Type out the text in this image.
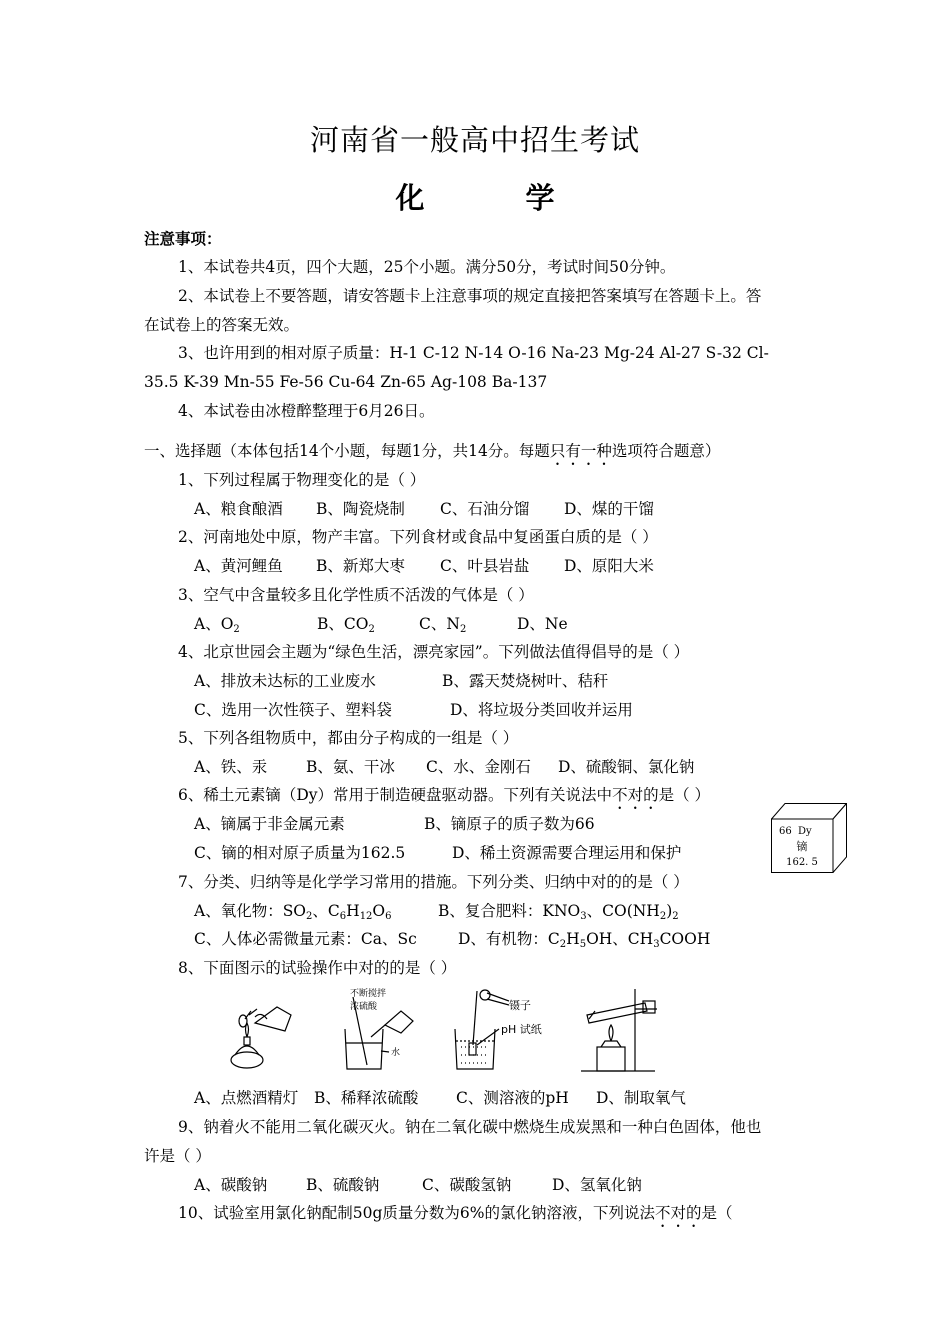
河南省一般高中招生考试
化　学
注意事项：
1、本试卷共4页，四个大题，25个小题。满分50分，考试时间50分钟。
2、本试卷上不要答题，请安答题卡上注意事项的规定直接把答案填写在答题卡上。答
在试卷上的答案无效。
3、也许用到的相对原子质量：H-1 C-12 N-14 O-16 Na-23 Mg-24 Al-27 S-32 Cl-
35.5 K-39 Mn-55 Fe-56 Cu-64 Zn-65 Ag-108 Ba-137
4、本试卷由冰橙醉整理于6月26日。
一、选择题（本体包括14个小题，每题1分，共14分。每题只有一种选项符合题意）
1、下列过程属于物理变化的是（ ）
A、粮食酿酒 B、陶瓷烧制 C、石油分馏 D、煤的干馏
2、河南地处中原，物产丰富。下列食材或食品中复函蛋白质的是（ ）
A、黄河鲤鱼 B、新郑大枣 C、叶县岩盐 D、原阳大米
3、空气中含量较多且化学性质不活泼的气体是（ ）
A、$O_2$	B、$CO_2$	C、$N_2$	D、Ne
4、北京世园会主题为“绿色生活，漂亮家园”。下列做法值得倡导的是（ ）
A、排放未达标的工业废水	B、露天焚烧树叶、秸秆
C、选用一次性筷子、塑料袋	D、将垃圾分类回收并运用
5、下列各组物质中，都由分子构成的一组是（ ）
A、铁、汞	B、氨、干冰 C、水、金刚石 D、硫酸铜、氯化钠
6、稀土元素镝（Dy）常用于制造硬盘驱动器。下列有关说法中不对的是（ ）
A、镝属于非金属元素	B、镝原子的质子数为66
C、镝的相对原子质量为162.5	D、稀土资源需要合理运用和保护
66 Dy
镝
162. 5
7、分类、归纳等是化学学习常用的措施。下列分类、归纳中对的的是（ ）
A、氧化物：$SO_2$、$C_6H_{12}O_6$	B、复合肥料：$KNO_3$、$CO(NH_2)_2$
C、人体必需微量元素：Ca、Sc	D、有机物：$C_2H_5OH$、$CH_3COOH$
8、下面图示的试验操作中对的的是（ ）
不断搅拌
浓硫酸
水
镊子
pH 试纸
A、点燃酒精灯 B、稀释浓硫酸 C、测溶液的pH D、制取氧气
9、钠着火不能用二氧化碳灭火。钠在二氧化碳中燃烧生成炭黑和一种白色固体，他也
许是（ ）
A、碳酸钠	B、硫酸钠	C、碳酸氢钠	D、氢氧化钠
10、试验室用氯化钠配制50g质量分数为6%的氯化钠溶液，下列说法不对的是（
